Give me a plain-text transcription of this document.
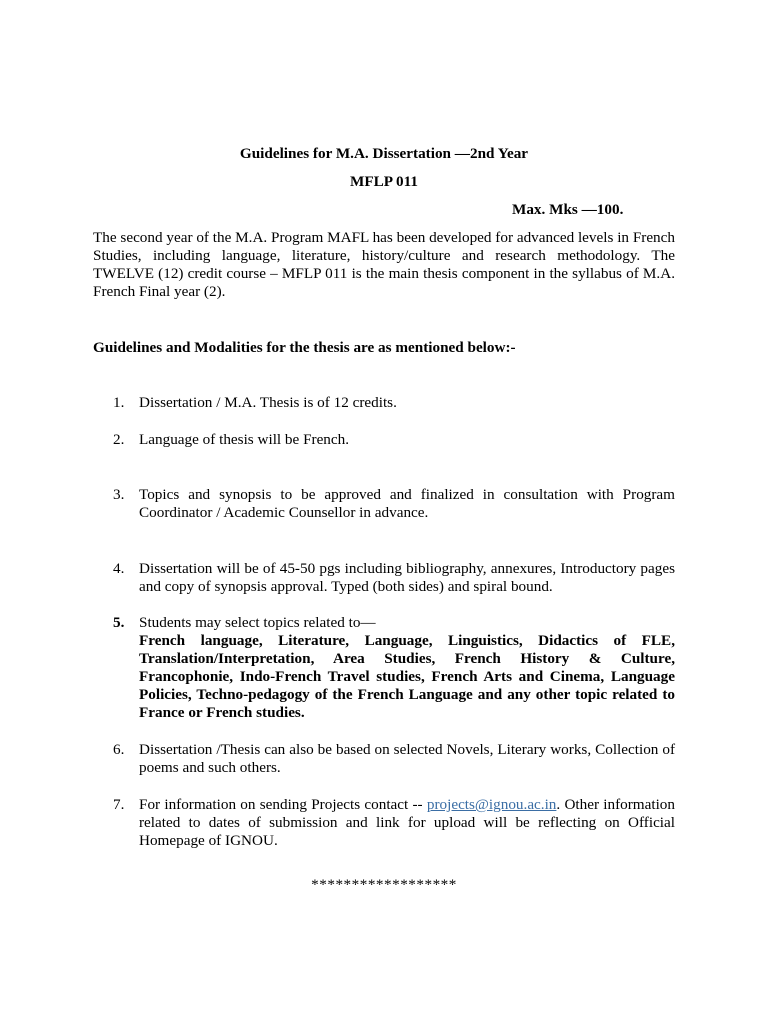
Guidelines for M.A. Dissertation —2nd Year
MFLP 011
Max. Mks —100.
The second year of the M.A. Program MAFL has been developed for advanced levels in French Studies, including language, literature, history/culture and research methodology. The TWELVE (12) credit course – MFLP 011 is the main thesis component in the syllabus of M.A. French Final year (2).
Guidelines and Modalities for the thesis are as mentioned below:-
1. Dissertation / M.A. Thesis is of 12 credits.
2. Language of thesis will be French.
3. Topics and synopsis to be approved and finalized in consultation with Program Coordinator / Academic Counsellor in advance.
4. Dissertation will be of 45-50 pgs including bibliography, annexures, Introductory pages and copy of synopsis approval. Typed (both sides) and spiral bound.
5. Students may select topics related to—
French language, Literature, Language, Linguistics, Didactics of FLE, Translation/Interpretation, Area Studies, French History & Culture, Francophonie, Indo-French Travel studies, French Arts and Cinema, Language Policies, Techno-pedagogy of the French Language and any other topic related to France or French studies.
6. Dissertation /Thesis can also be based on selected Novels, Literary works, Collection of poems and such others.
7. For information on sending Projects contact -- projects@ignou.ac.in. Other information related to dates of submission and link for upload will be reflecting on Official Homepage of IGNOU.
******************
